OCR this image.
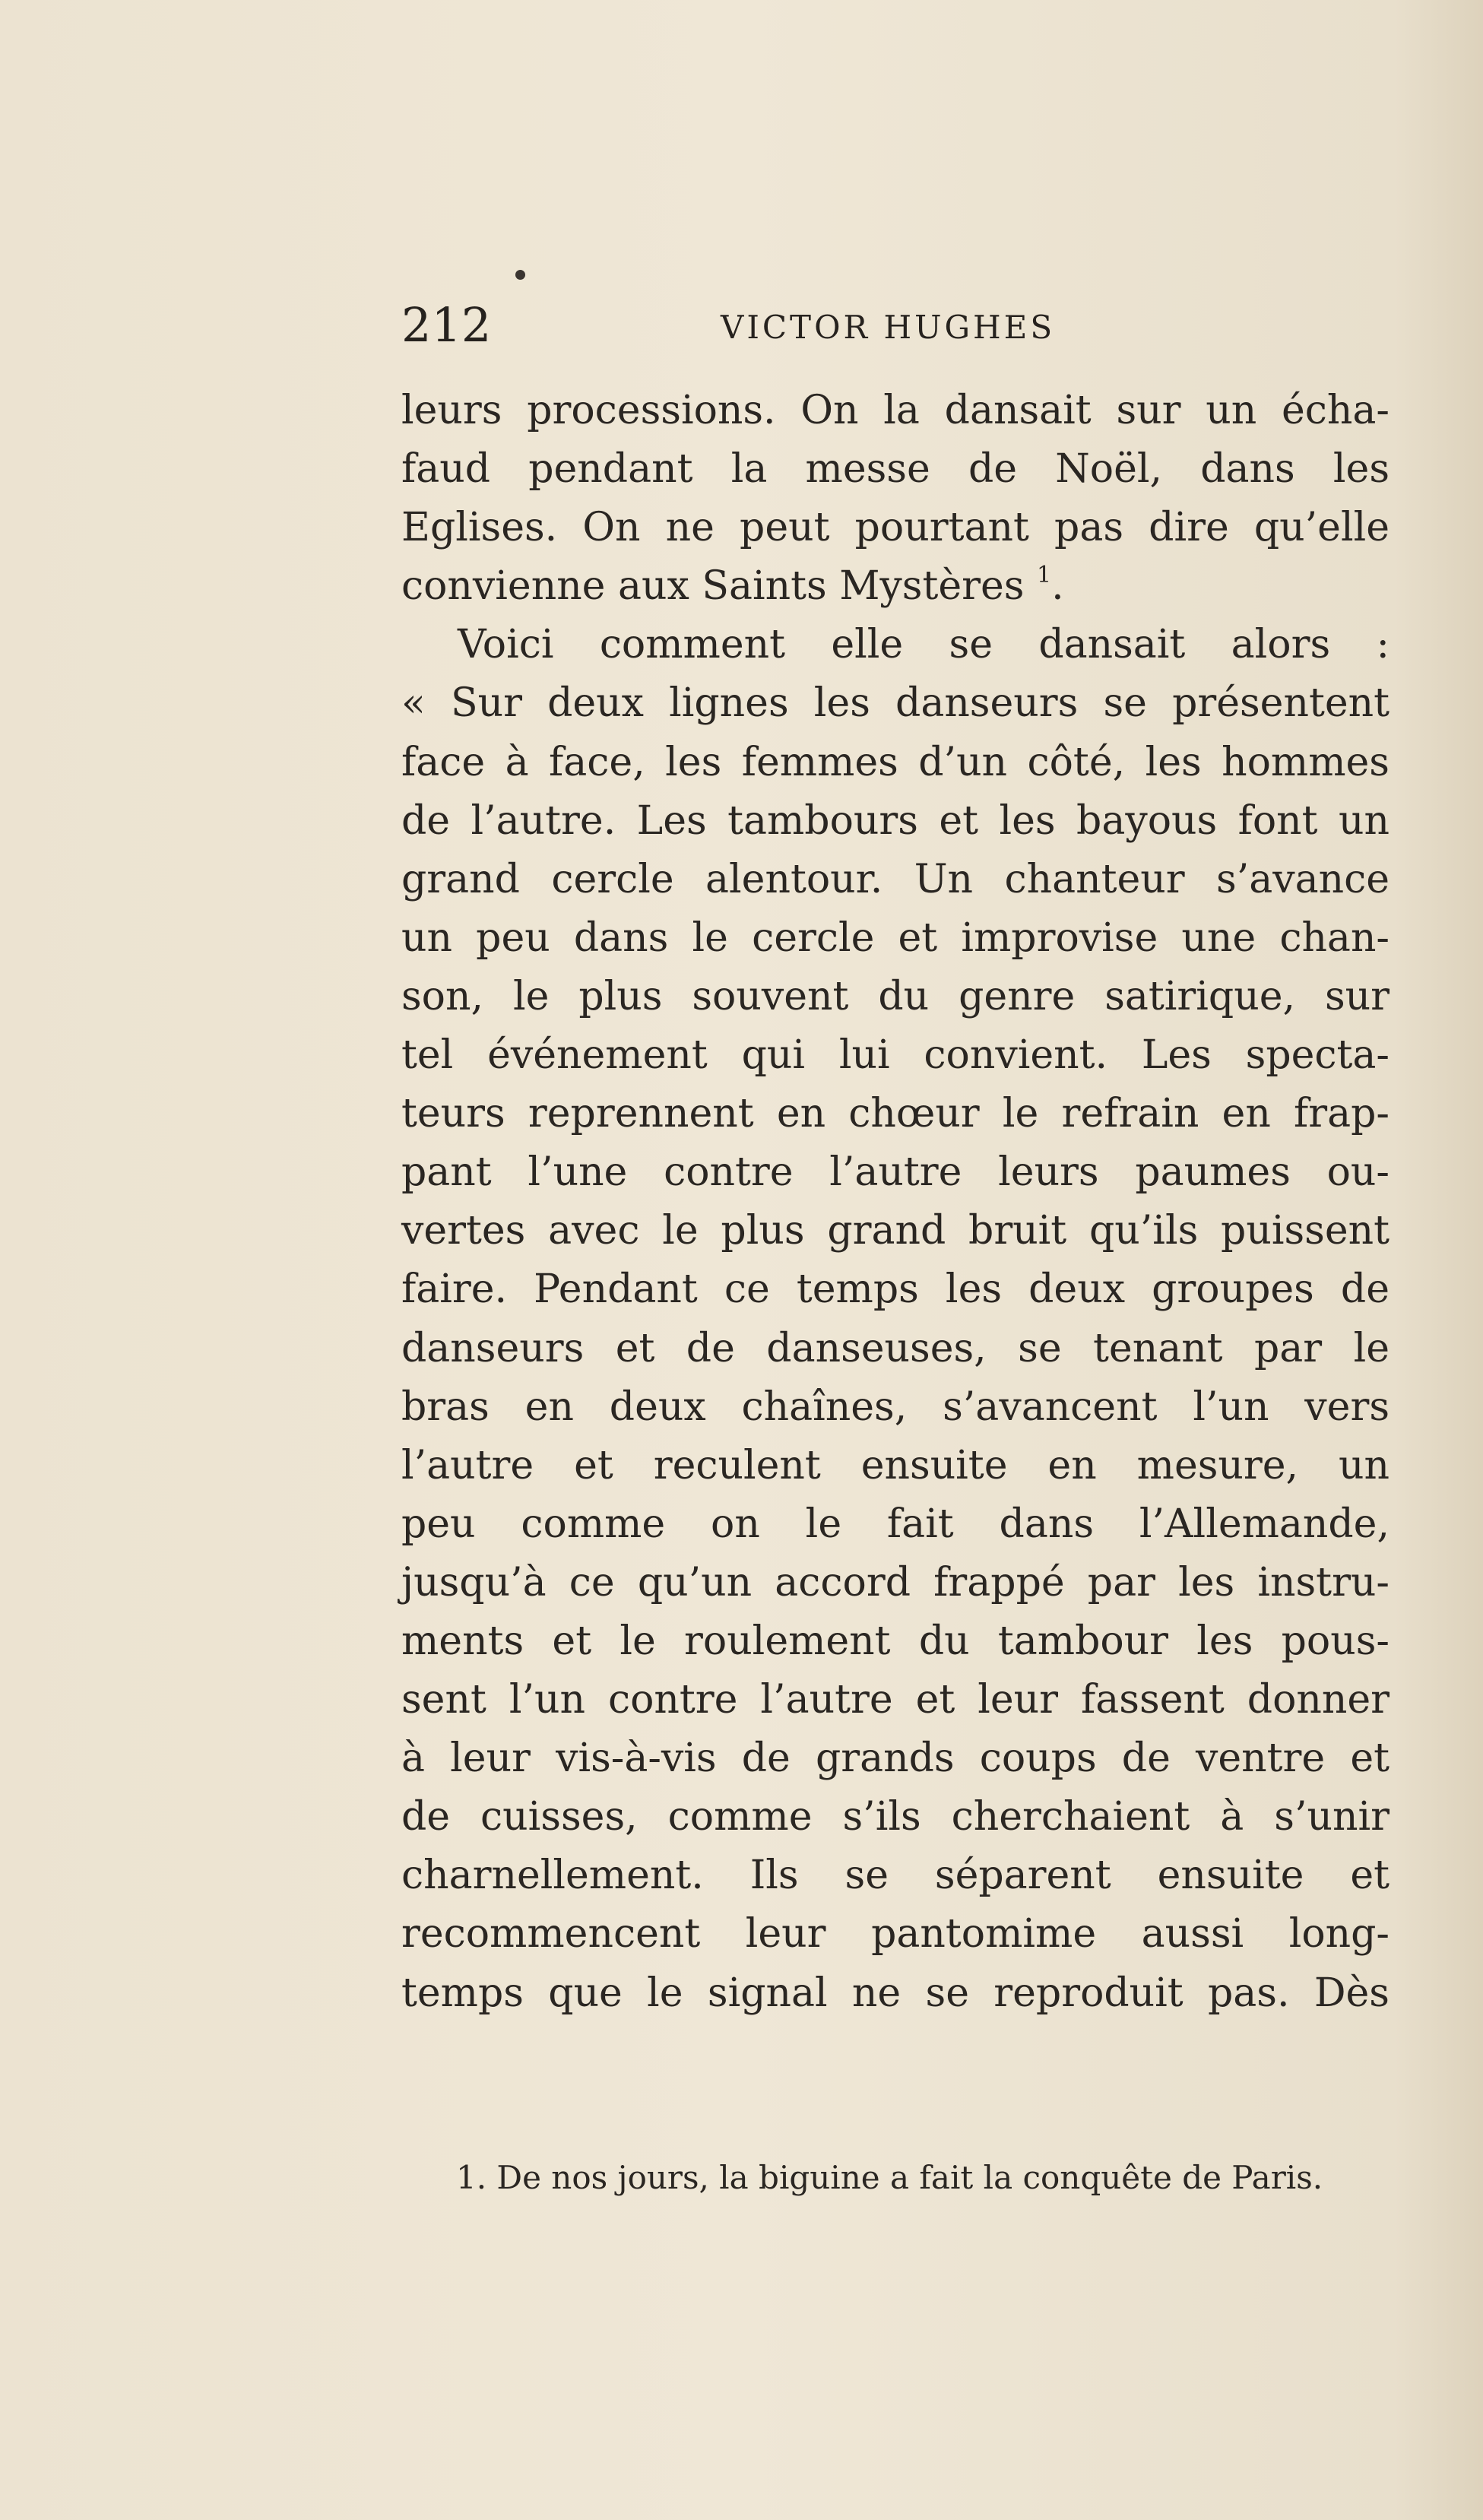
212	VICTOR HUGHES
leurs processions. On la dansait sur un écha-
faud pendant la messe de Noël, dans les
Eglises. On ne peut pourtant pas dire qu’elle
convienne aux Saints Mystères $^1$.
Voici comment elle se dansait alors :
« Sur deux lignes les danseurs se présentent
face à face, les femmes d’un côté, les hommes
de l’autre. Les tambours et les bayous font un
grand cercle alentour. Un chanteur s’avance
un peu dans le cercle et improvise une chan-
son, le plus souvent du genre satirique, sur
tel événement qui lui convient. Les specta-
teurs reprennent en chœur le refrain en frap-
pant l’une contre l’autre leurs paumes ou-
vertes avec le plus grand bruit qu’ils puissent
faire. Pendant ce temps les deux groupes de
danseurs et de danseuses, se tenant par le
bras en deux chaînes, s’avancent l’un vers
l’autre et reculent ensuite en mesure, un
peu comme on le fait dans l’Allemande,
jusqu’à ce qu’un accord frappé par les instru-
ments et le roulement du tambour les pous-
sent l’un contre l’autre et leur fassent donner
à leur vis-à-vis de grands coups de ventre et
de cuisses, comme s’ils cherchaient à s’unir
charnellement. Ils se séparent ensuite et
recommencent leur pantomime aussi long-
temps que le signal ne se reproduit pas. Dès
1. De nos jours, la biguine a fait la conquête de Paris.
